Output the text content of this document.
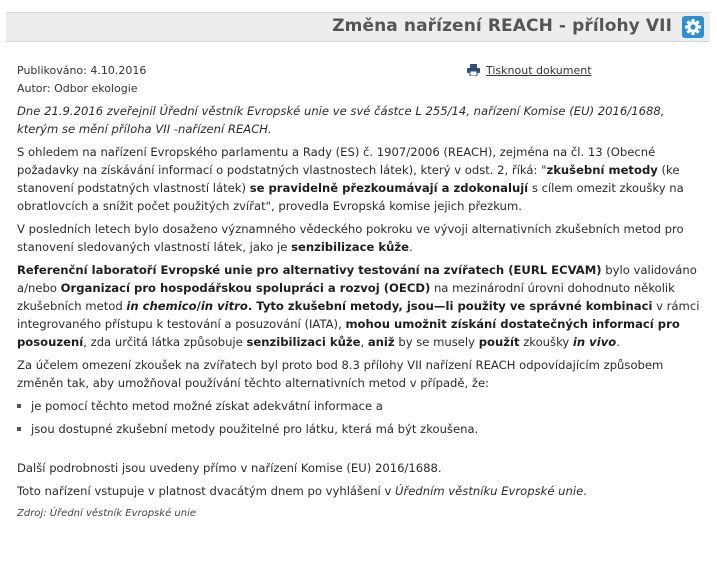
Změna nařízení REACH - přílohy VII
Publikováno: 4.10.2016
Autor: Odbor ekologie
Tisknout dokument

Dne 21.9.2016 zveřejnil Úřední věstník Evropské unie ve své částce L 255/14, nařízení Komise (EU) 2016/1688, kterým se mění příloha VII -nařízení REACH.

S ohledem na nařízení Evropského parlamentu a Rady (ES) č. 1907/2006 (REACH), zejména na čl. 13 (Obecné požadavky na získávání informací o podstatných vlastnostech látek), který v odst. 2, říká: "zkušební metody (ke stanovení podstatných vlastností látek) se pravidelně přezkoumávají a zdokonalují s cílem omezit zkoušky na obratlovcích a snížit počet použitých zvířat", provedla Evropská komise jejich přezkum.

V posledních letech bylo dosaženo významného vědeckého pokroku ve vývoji alternativních zkušebních metod pro stanovení sledovaných vlastností látek, jako je senzibilizace kůže.

Referenční laboratoří Evropské unie pro alternativy testování na zvířatech (EURL ECVAM) bylo validováno a/nebo Organizací pro hospodářskou spolupráci a rozvoj (OECD) na mezinárodní úrovni dohodnuto několik zkušebních metod in chemico/in vitro. Tyto zkušební metody, jsou—li použity ve správné kombinaci v rámci integrovaného přístupu k testování a posuzování (IATA), mohou umožnit získání dostatečných informací pro posouzení, zda určitá látka způsobuje senzibilizaci kůže, aniž by se musely použít zkoušky in vivo.

Za účelem omezení zkoušek na zvířatech byl proto bod 8.3 přílohy VII nařízení REACH odpovídajícím způsobem změněn tak, aby umožňoval používání těchto alternativních metod v případě, že:

je pomocí těchto metod možné získat adekvátní informace a
jsou dostupné zkušební metody použitelné pro látku, která má být zkoušena.

Další podrobnosti jsou uvedeny přímo v nařízení Komise (EU) 2016/1688.

Toto nařízení vstupuje v platnost dvacátým dnem po vyhlášení v Úředním věstníku Evropské unie.

Zdroj: Úřední věstník Evropské unie
